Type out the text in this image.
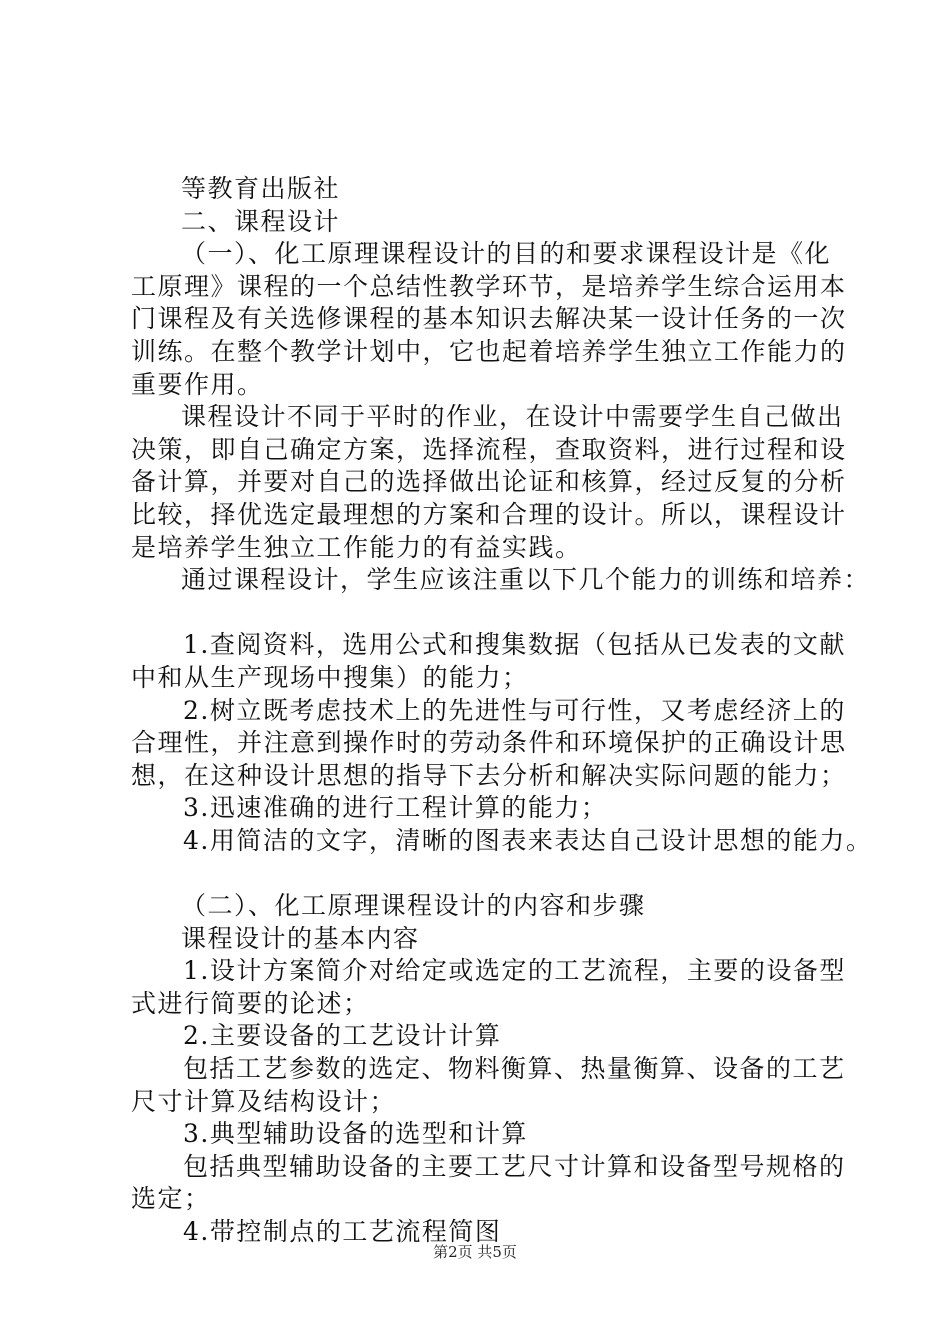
等教育出版社
二、课程设计
（一）、化工原理课程设计的目的和要求课程设计是《化
工原理》课程的一个总结性教学环节，是培养学生综合运用本
门课程及有关选修课程的基本知识去解决某一设计任务的一次
训练。在整个教学计划中，它也起着培养学生独立工作能力的
重要作用。
课程设计不同于平时的作业，在设计中需要学生自己做出
决策，即自己确定方案，选择流程，查取资料，进行过程和设
备计算，并要对自己的选择做出论证和核算，经过反复的分析
比较，择优选定最理想的方案和合理的设计。所以，课程设计
是培养学生独立工作能力的有益实践。
通过课程设计，学生应该注重以下几个能力的训练和培养：
1.查阅资料，选用公式和搜集数据（包括从已发表的文献
中和从生产现场中搜集）的能力；
2.树立既考虑技术上的先进性与可行性，又考虑经济上的
合理性，并注意到操作时的劳动条件和环境保护的正确设计思
想，在这种设计思想的指导下去分析和解决实际问题的能力；
3.迅速准确的进行工程计算的能力；
4.用简洁的文字，清晰的图表来表达自己设计思想的能力。
（二）、化工原理课程设计的内容和步骤
课程设计的基本内容
1.设计方案简介对给定或选定的工艺流程，主要的设备型
式进行简要的论述；
2.主要设备的工艺设计计算
包括工艺参数的选定、物料衡算、热量衡算、设备的工艺
尺寸计算及结构设计；
3.典型辅助设备的选型和计算
包括典型辅助设备的主要工艺尺寸计算和设备型号规格的
选定；
4.带控制点的工艺流程简图
第2页 共5页
